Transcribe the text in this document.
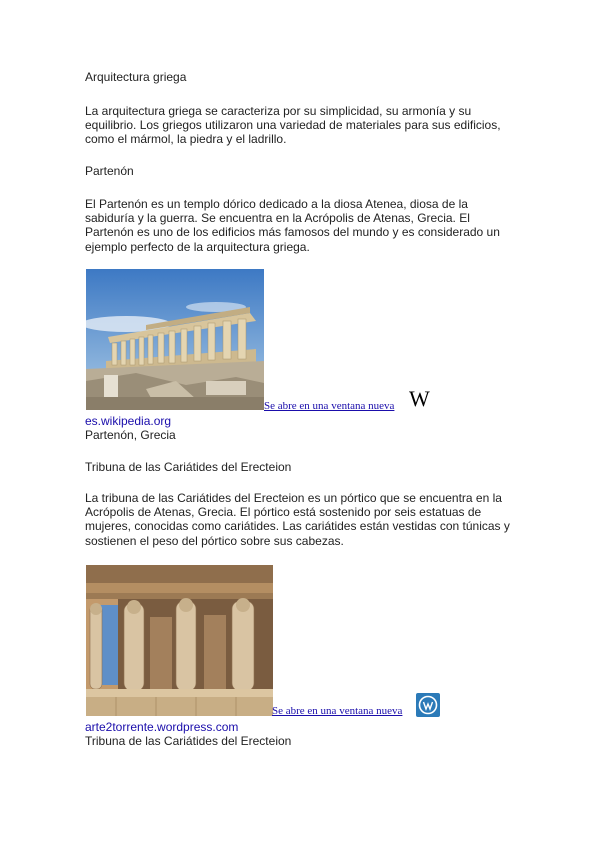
Arquitectura griega

La arquitectura griega se caracteriza por su simplicidad, su armonía y su equilibrio. Los griegos utilizaron una variedad de materiales para sus edificios, como el mármol, la piedra y el ladrillo.

Partenón

El Partenón es un templo dórico dedicado a la diosa Atenea, diosa de la sabiduría y la guerra. Se encuentra en la Acrópolis de Atenas, Grecia. El Partenón es uno de los edificios más famosos del mundo y es considerado un ejemplo perfecto de la arquitectura griega.

Se abre en una ventana nueva W

es.wikipedia.org

Partenón, Grecia

Tribuna de las Cariátides del Erecteion

La tribuna de las Cariátides del Erecteion es un pórtico que se encuentra en la Acrópolis de Atenas, Grecia. El pórtico está sostenido por seis estatuas de mujeres, conocidas como cariátides. Las cariátides están vestidas con túnicas y sostienen el peso del pórtico sobre sus cabezas.

Se abre en una ventana nueva

arte2torrente.wordpress.com

Tribuna de las Cariátides del Erecteion
